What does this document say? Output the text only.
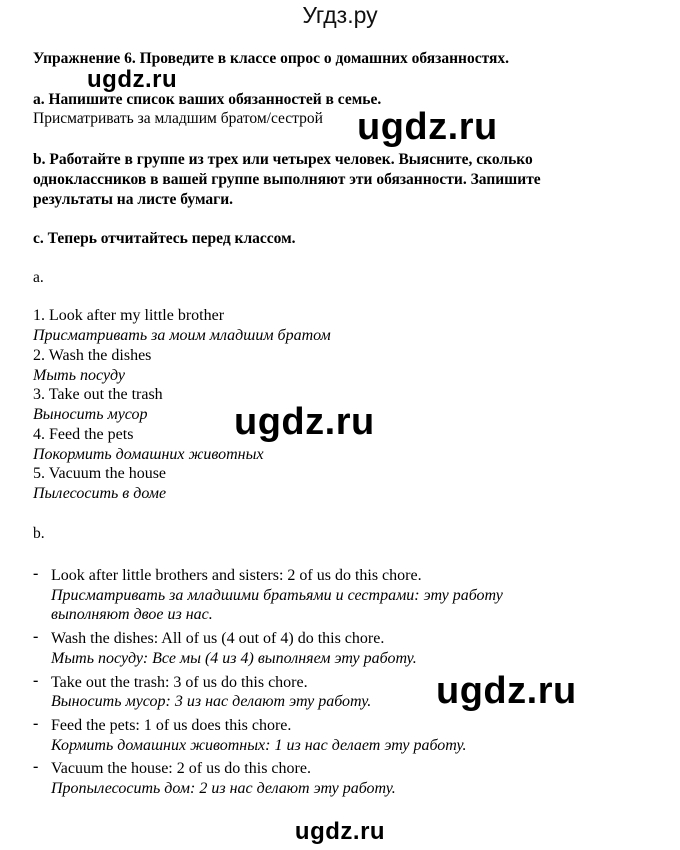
Угдз.ру
Упражнение 6. Проведите в классе опрос о домашних обязанностях.
ugdz.ru
a. Напишите список ваших обязанностей в семье.
Присматривать за младшим братом/сестрой ugdz.ru
b. Работайте в группе из трех или четырех человек. Выясните, сколько
одноклассников в вашей группе выполняют эти обязанности. Запишите
результаты на листе бумаги.
c. Теперь отчитайтесь перед классом.
a.
1. Look after my little brother
Присматривать за моим младшим братом
2. Wash the dishes
Мыть посуду
3. Take out the trash
Выносить мусор ugdz.ru
4. Feed the pets
Покормить домашних животных
5. Vacuum the house
Пылесосить в доме
b.
- Look after little brothers and sisters: 2 of us do this chore.
Присматривать за младшими братьями и сестрами: эту работу
выполняют двое из нас.
- Wash the dishes: All of us (4 out of 4) do this chore.
Мыть посуду: Все мы (4 из 4) выполняем эту работу.
- Take out the trash: 3 of us do this chore.
Выносить мусор: 3 из нас делают эту работу. ugdz.ru
- Feed the pets: 1 of us does this chore.
Кормить домашних животных: 1 из нас делает эту работу.
- Vacuum the house: 2 of us do this chore.
Пропылесосить дом: 2 из нас делают эту работу.
ugdz.ru
